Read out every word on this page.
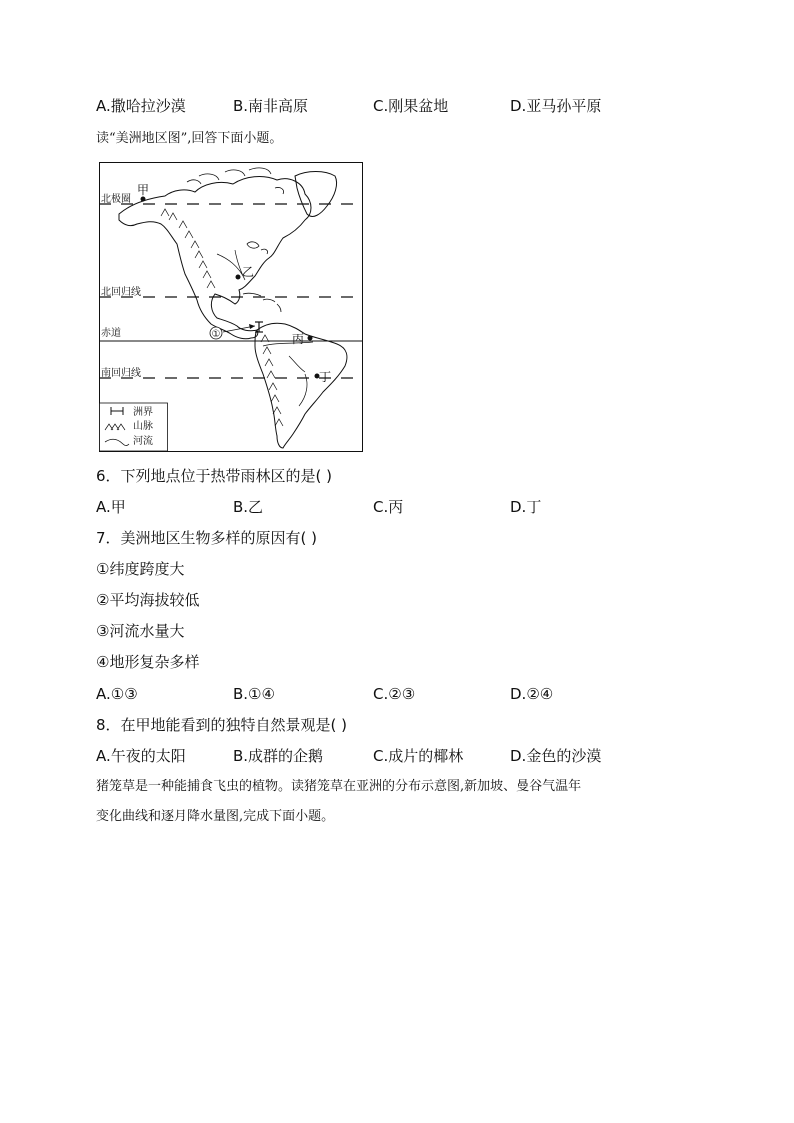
A.撒哈拉沙漠	B.南非高原	C.刚果盆地	D.亚马孙平原
读“美洲地区图”,回答下面小题。
①
甲
乙
丙
丁
北极圈
北回归线
赤道
南回归线
洲界
山脉
河流
6．下列地点位于热带雨林区的是( )
A.甲	B.乙	C.丙	D.丁
7．美洲地区生物多样的原因有( )
①纬度跨度大
②平均海拔较低
③河流水量大
④地形复杂多样
A.①③	B.①④	C.②③	D.②④
8．在甲地能看到的独特自然景观是( )
A.午夜的太阳	B.成群的企鹅	C.成片的椰林	D.金色的沙漠
猪笼草是一种能捕食飞虫的植物。读猪笼草在亚洲的分布示意图,新加坡、曼谷气温年
变化曲线和逐月降水量图,完成下面小题。
